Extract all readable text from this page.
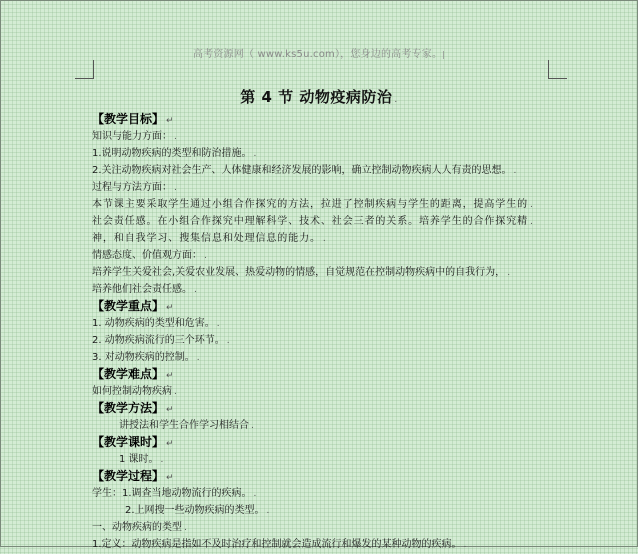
高考资源网（ www.ks5u.com），您身边的高考专家。|
第 4 节 动物疫病防治 .
【教学目标】 ↵
知识与能力方面： .
1.说明动物疾病的类型和防治措施。 .
2.关注动物疾病对社会生产、人体健康和经济发展的影响，确立控制动物疾病人人有责的思想。 .
过程与方法方面： .
本节课主要采取学生通过小组合作探究的方法，拉进了控制疾病与学生的距离，提高学生的 .
社会责任感。在小组合作探究中理解科学、技术、社会三者的关系。培养学生的合作探究精 .
神，和自我学习、搜集信息和处理信息的能力。 .
情感态度、价值观方面： .
培养学生关爱社会,关爱农业发展、热爱动物的情感，自觉规范在控制动物疾病中的自我行为， .
培养他们社会责任感。 .
【教学重点】 ↵
1. 动物疾病的类型和危害。 .
2. 动物疾病流行的三个环节。 .
3. 对动物疾病的控制。 .
【教学难点】 ↵
如何控制动物疾病 .
【教学方法】 ↵
讲授法和学生合作学习相结合 .
【教学课时】 ↵
1 课时。 .
【教学过程】 ↵
学生：1.调查当地动物流行的疾病。 .
2.上网搜一些动物疾病的类型。 .
一、动物疾病的类型 .
1.定义：动物疾病是指如不及时治疗和控制就会造成流行和爆发的某种动物的疾病。 .
